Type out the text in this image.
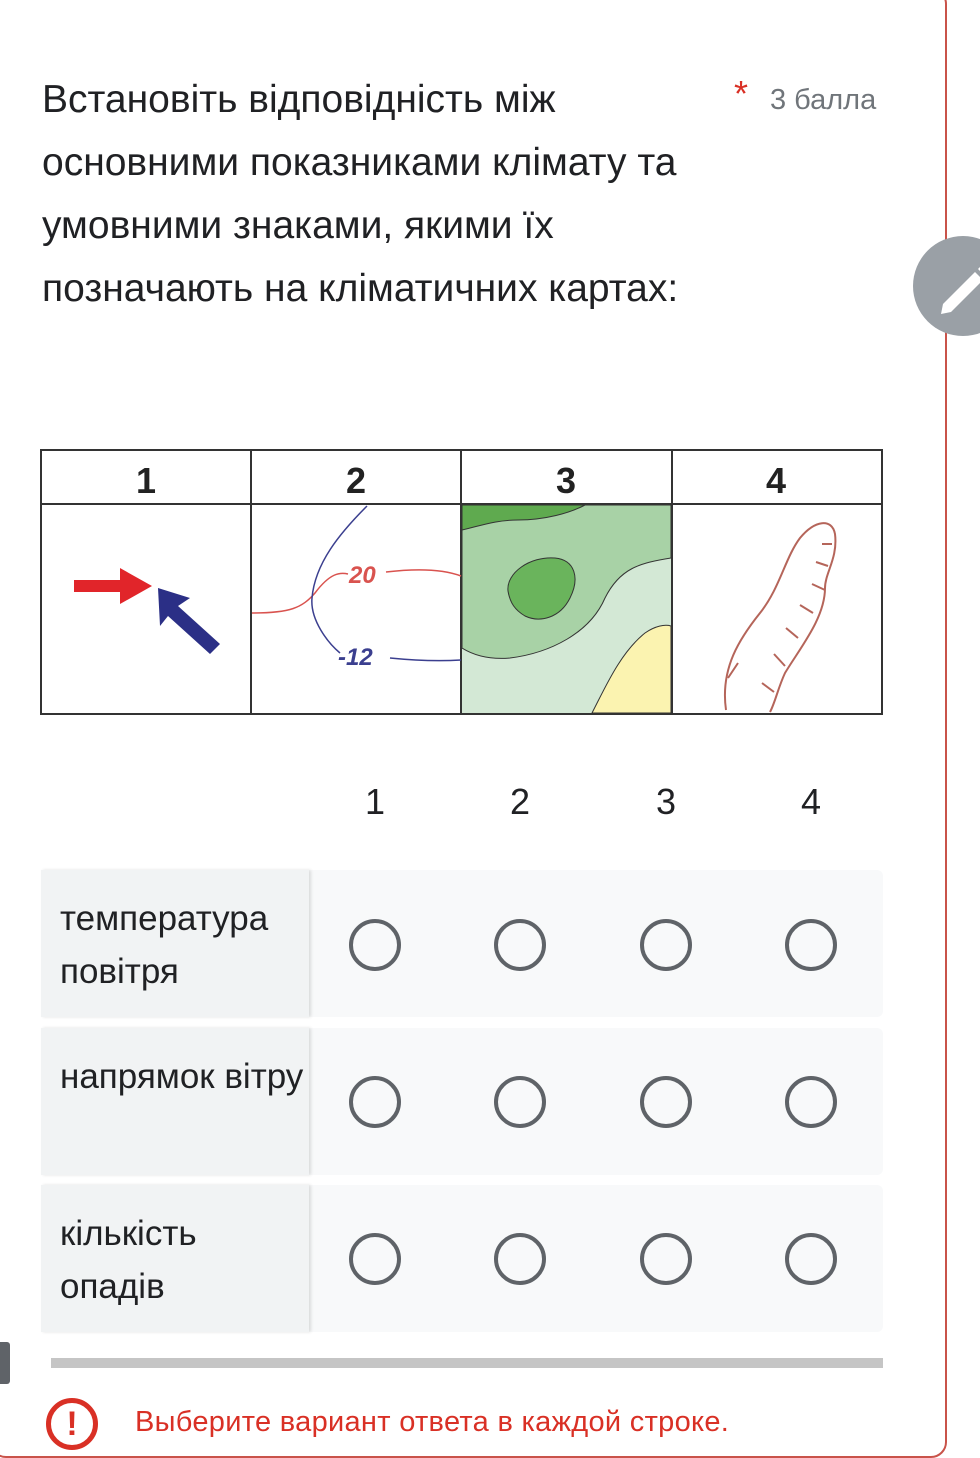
Встановіть відповідність між основними показниками клімату та умовними знаками, якими їх позначають на кліматичних картах:
* 3 балла
1	2	3	4
20
-12
1	2	3	4
температура повітря
напрямок вітру
кількість опадів
!	Выберите вариант ответа в каждой строке.
